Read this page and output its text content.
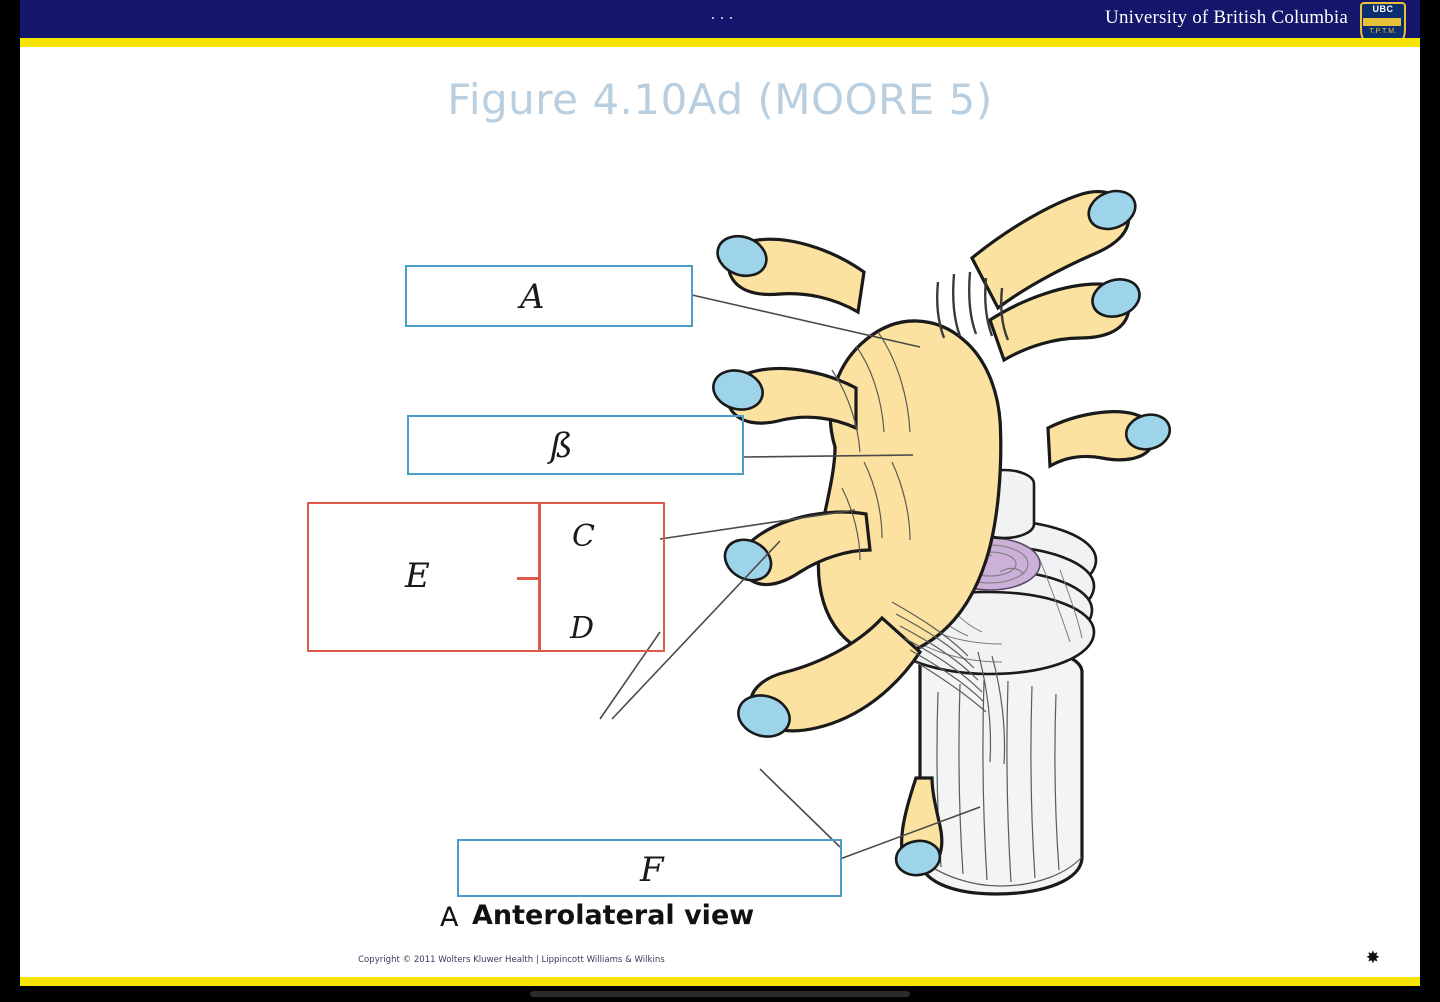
···	University of British Columbia	UBC
T.P.T.M.
Figure 4.10Ad (MOORE 5)
A
ß
E
C
D
F
A Anterolateral view
Copyright © 2011 Wolters Kluwer Health | Lippincott Williams & Wilkins	✸
